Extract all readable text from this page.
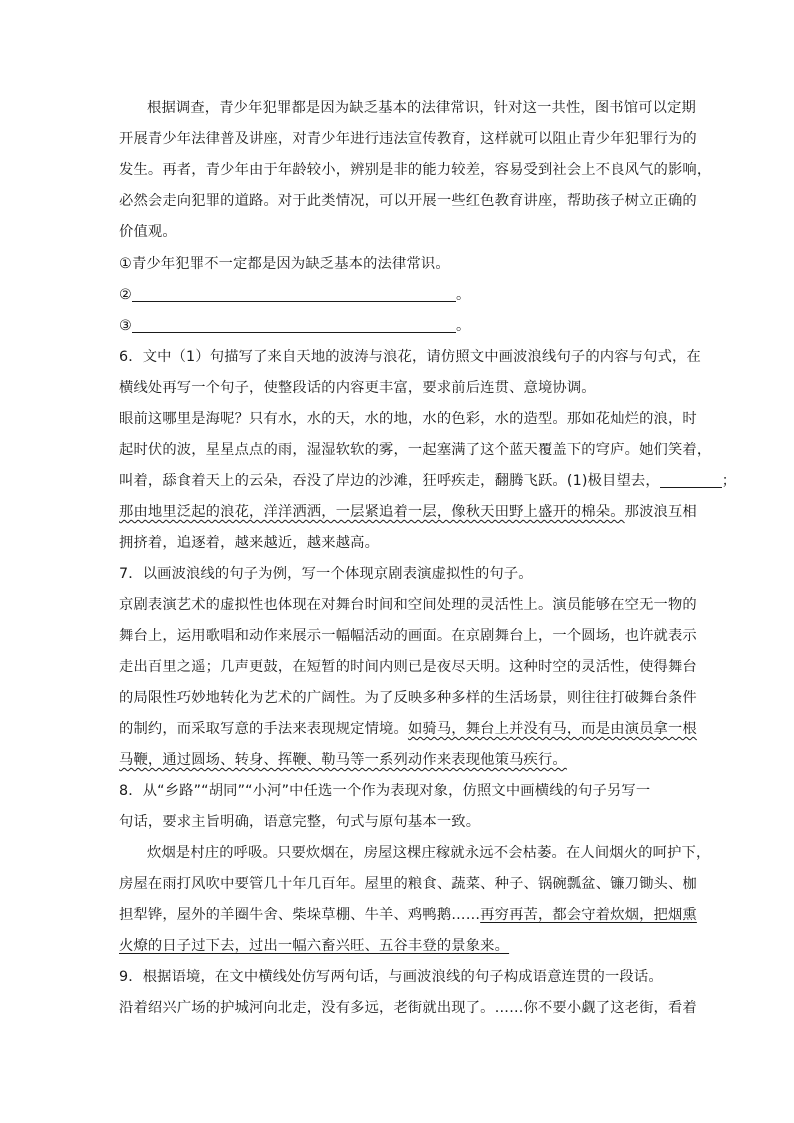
根据调查，青少年犯罪都是因为缺乏基本的法律常识，针对这一共性，图书馆可以定期
开展青少年法律普及讲座，对青少年进行违法宣传教育，这样就可以阻止青少年犯罪行为的
发生。再者，青少年由于年龄较小，辨别是非的能力较差，容易受到社会上不良风气的影响，
必然会走向犯罪的道路。对于此类情况，可以开展一些红色教育讲座，帮助孩子树立正确的
价值观。
①青少年犯罪不一定都是因为缺乏基本的法律常识。
②	。
③	。
6．文中（1）句描写了来自天地的波涛与浪花，请仿照文中画波浪线句子的内容与句式，在
横线处再写一个句子，使整段话的内容更丰富，要求前后连贯、意境协调。
眼前这哪里是海呢？只有水，水的天，水的地，水的色彩，水的造型。那如花灿烂的浪，时
起时伏的波，星星点点的雨，湿湿软软的雾，一起塞满了这个蓝天覆盖下的穹庐。她们笑着，
叫着，舔食着天上的云朵，吞没了岸边的沙滩，狂呼疾走，翻腾飞跃。(1)极目望去，	；
那由地里泛起的浪花，洋洋洒洒，一层紧追着一层，像秋天田野上盛开的棉朵。那波浪互相
拥挤着，追逐着，越来越近，越来越高。
7．以画波浪线的句子为例，写一个体现京剧表演虚拟性的句子。
京剧表演艺术的虚拟性也体现在对舞台时间和空间处理的灵活性上。演员能够在空无一物的
舞台上，运用歌唱和动作来展示一幅幅活动的画面。在京剧舞台上，一个圆场，也许就表示
走出百里之遥；几声更鼓，在短暂的时间内则已是夜尽天明。这种时空的灵活性，使得舞台
的局限性巧妙地转化为艺术的广阔性。为了反映多种多样的生活场景，则往往打破舞台条件
的制约，而采取写意的手法来表现规定情境。如骑马，舞台上并没有马，而是由演员拿一根
马鞭，通过圆场、转身、挥鞭、勒马等一系列动作来表现他策马疾行。
8．从“乡路”“胡同”“小河”中任选一个作为表现对象，仿照文中画横线的句子另写一
句话，要求主旨明确，语意完整，句式与原句基本一致。
炊烟是村庄的呼吸。只要炊烟在，房屋这棵庄稼就永远不会枯萎。在人间烟火的呵护下，
房屋在雨打风吹中要管几十年几百年。屋里的粮食、蔬菜、种子、锅碗瓢盆、镰刀锄头、枷
担犁铧，屋外的羊圈牛舍、柴垛草棚、牛羊、鸡鸭鹅……再穷再苦，都会守着炊烟，把烟熏
火燎的日子过下去，过出一幅六畜兴旺、五谷丰登的景象来。
9．根据语境，在文中横线处仿写两句话，与画波浪线的句子构成语意连贯的一段话。
沿着绍兴广场的护城河向北走，没有多远，老街就出现了。……你不要小觑了这老街，看着
